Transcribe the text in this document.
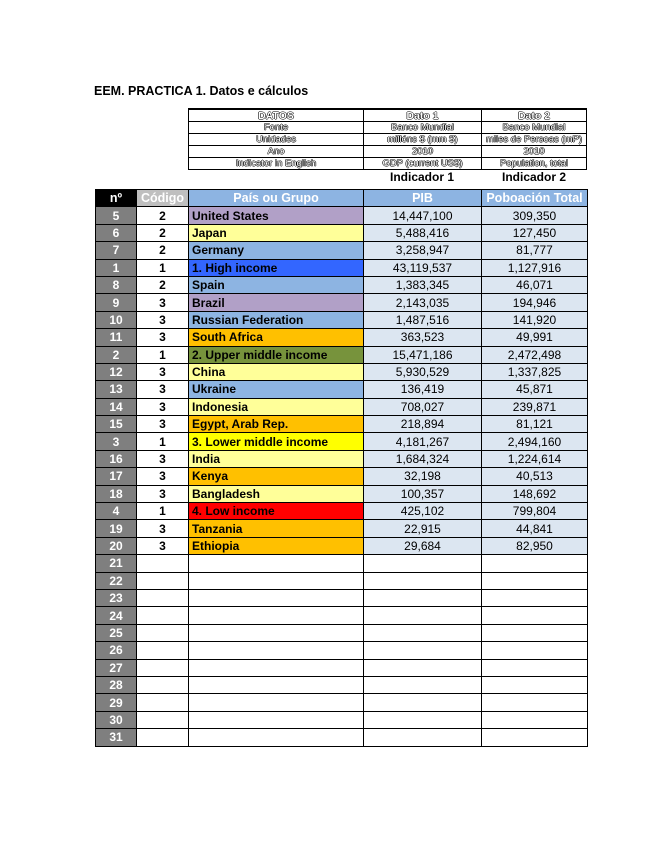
EEM. PRACTICA 1. Datos e cálculos
DATOS	Dato 1	Dato 2
Fonte	Banco Mundial	Banco Mundial
Unidades	millóns $ (mm $)	miles de Persoas (mP)
Ano	2010	2010
Indicator in English	GDP (current US$)	Population, total
Indicador 1	Indicador 2
nº	Código	País ou Grupo	PIB	Poboación Total
5	2	United States	14,447,100	309,350
6	2	Japan	5,488,416	127,450
7	2	Germany	3,258,947	81,777
1	1	1. High income	43,119,537	1,127,916
8	2	Spain	1,383,345	46,071
9	3	Brazil	2,143,035	194,946
10	3	Russian Federation	1,487,516	141,920
11	3	South Africa	363,523	49,991
2	1	2. Upper middle income	15,471,186	2,472,498
12	3	China	5,930,529	1,337,825
13	3	Ukraine	136,419	45,871
14	3	Indonesia	708,027	239,871
15	3	Egypt, Arab Rep.	218,894	81,121
3	1	3. Lower middle income	4,181,267	2,494,160
16	3	India	1,684,324	1,224,614
17	3	Kenya	32,198	40,513
18	3	Bangladesh	100,357	148,692
4	1	4. Low income	425,102	799,804
19	3	Tanzania	22,915	44,841
20	3	Ethiopia	29,684	82,950
21				
22				
23				
24				
25				
26				
27				
28				
29				
30				
31				
